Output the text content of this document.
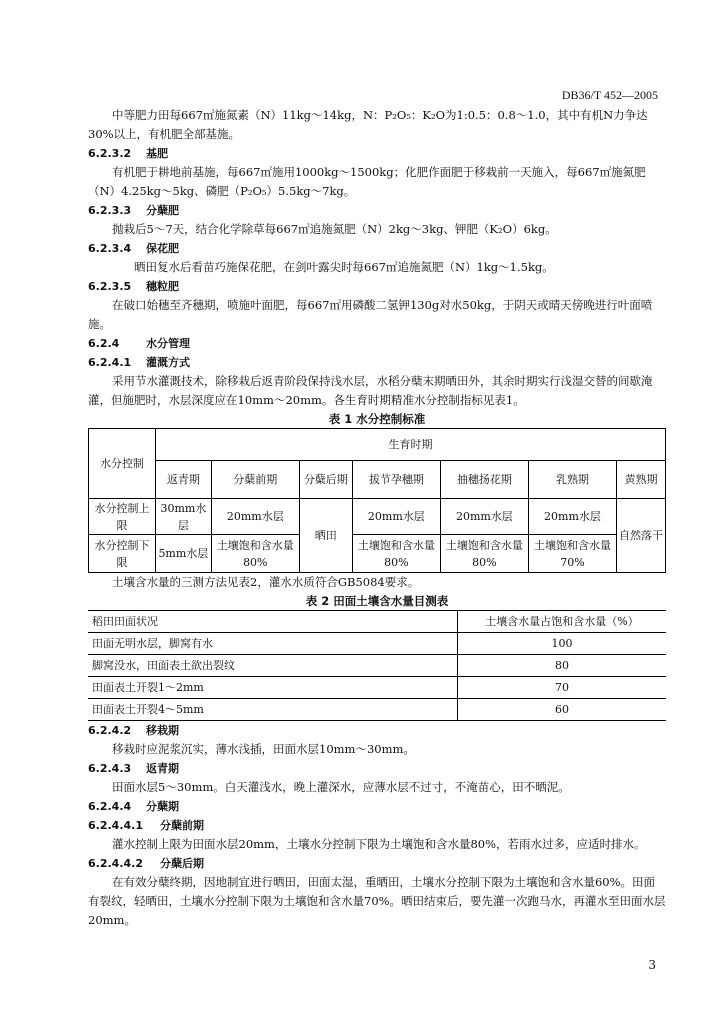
DB36/T 452—2005

中等肥力田每667㎡施氮素（N）11kg～14kg，N：P₂O₅：K₂O为1:0.5：0.8～1.0，其中有机N力争达30%以上，有机肥全部基施。

6.2.3.2 基肥

有机肥于耕地前基施，每667㎡施用1000kg～1500kg；化肥作面肥于移栽前一天施入，每667㎡施氮肥（N）4.25kg～5kg、磷肥（P₂O₅）5.5kg～7kg。

6.2.3.3 分蘖肥

抛栽后5～7天，结合化学除草每667㎡追施氮肥（N）2kg～3kg、钾肥（K₂O）6kg。

6.2.3.4 保花肥

晒田复水后看苗巧施保花肥，在剑叶露尖时每667㎡追施氮肥（N）1kg～1.5kg。

6.2.3.5 穗粒肥

在破口始穗至齐穗期，喷施叶面肥，每667㎡用磷酸二氢钾130g对水50kg，于阴天或晴天傍晚进行叶面喷施。

6.2.4 水分管理

6.2.4.1 灌溉方式

采用节水灌溉技术，除移栽后返青阶段保持浅水层，水稻分蘖末期晒田外，其余时期实行浅湿交替的间歇淹灌，但施肥时，水层深度应在10mm～20mm。各生育时期精准水分控制指标见表1。

表 1 水分控制标准
水分控制	生育时期						
	返青期	分蘖前期	分蘖后期	拔节孕穗期	抽穗扬花期	乳熟期	黄熟期
水分控制上限	30mm水层	20mm水层	晒田	20mm水层	20mm水层	20mm水层	自然落干
水分控制下限	5mm水层	土壤饱和含水量80%		土壤饱和含水量80%	土壤饱和含水量80%	土壤饱和含水量70%	

土壤含水量的三测方法见表2，灌水水质符合GB5084要求。

表 2 田面土壤含水量目测表
稻田田面状况	土壤含水量占饱和含水量（%）
田面无明水层，脚窝有水	100
脚窝没水，田面表土欲出裂纹	80
田面表土开裂1～2mm	70
田面表土开裂4～5mm	60

6.2.4.2 移栽期

移栽时应泥浆沉实，薄水浅插，田面水层10mm～30mm。

6.2.4.3 返青期

田面水层5～30mm。白天灌浅水，晚上灌深水，应薄水层不过寸，不淹苗心，田不晒泥。

6.2.4.4 分蘖期

6.2.4.4.1 分蘖前期

灌水控制上限为田面水层20mm，土壤水分控制下限为土壤饱和含水量80%，若雨水过多，应适时排水。

6.2.4.4.2 分蘖后期

在有效分蘖终期，因地制宜进行晒田，田面太湿，重晒田，土壤水分控制下限为土壤饱和含水量60%。田面有裂纹，轻晒田，土壤水分控制下限为土壤饱和含水量70%。晒田结束后，要先灌一次跑马水，再灌水至田面水层20mm。

3
